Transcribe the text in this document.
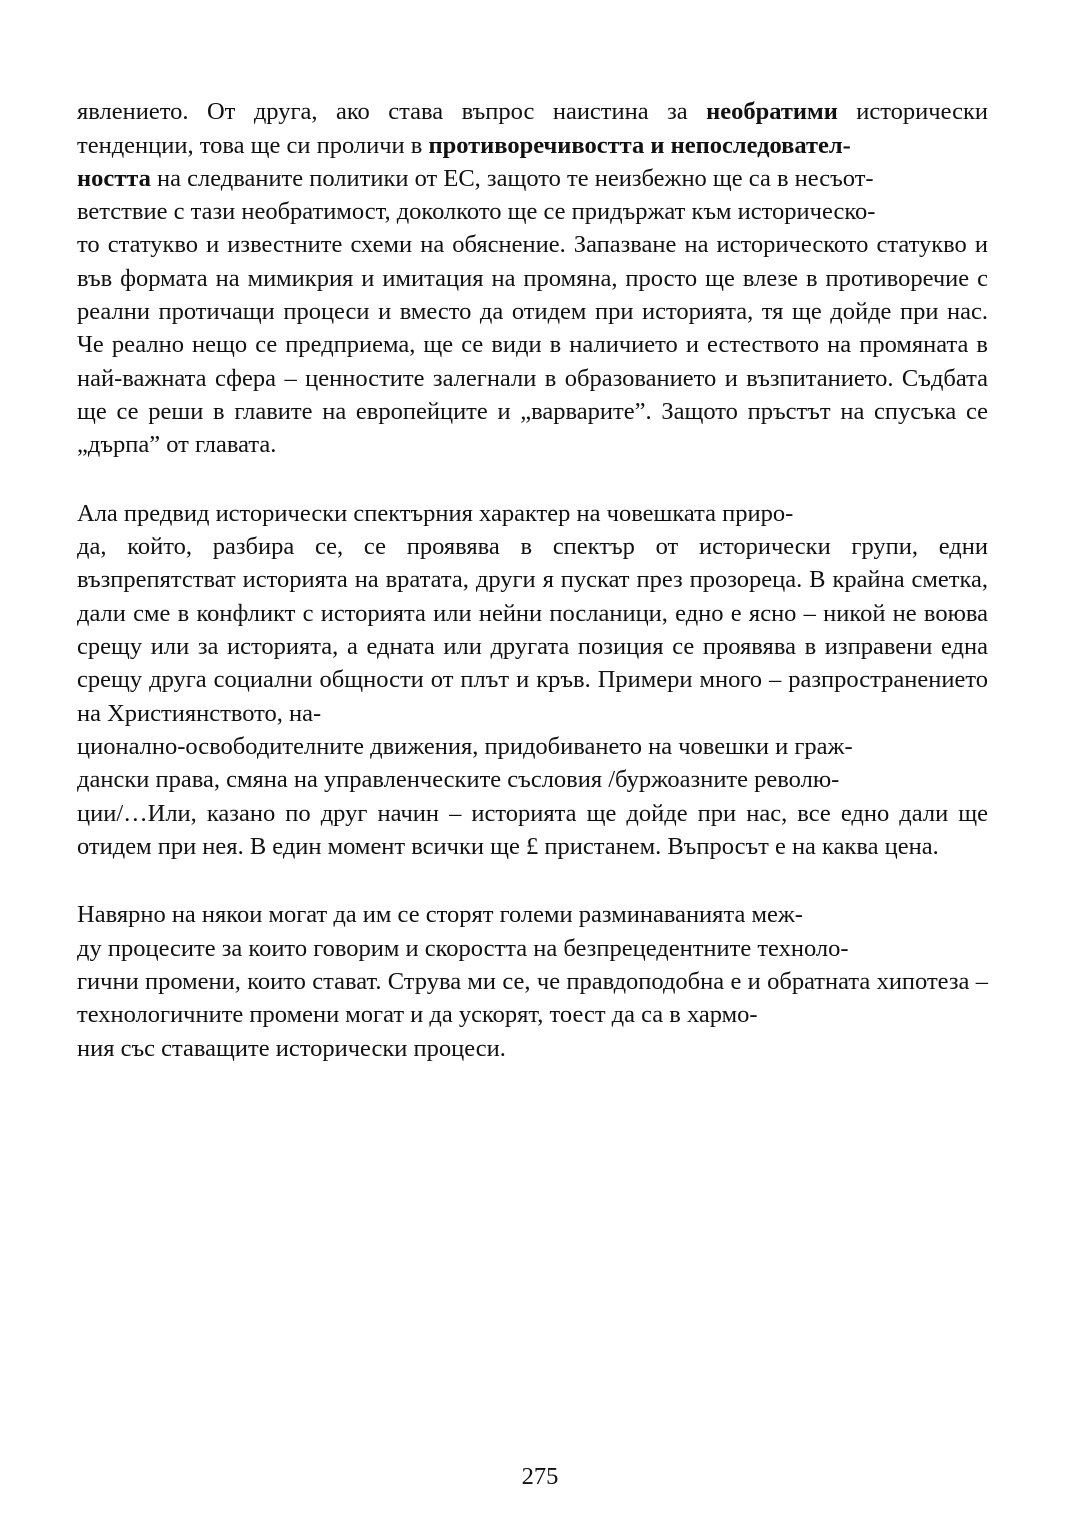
явлението. От друга, ако става въпрос наистина за необратими исторически тенденции, това ще си проличи в противоречивостта и непоследовател-
ността на следваните политики от ЕС, защото те неизбежно ще са в несъот-
ветствие с тази необратимост, доколкото ще се придържат към историческо-
то статукво и известните схеми на обяснение. Запазване на историческото статукво и във формата на мимикрия и имитация на промяна, просто ще влезе в противоречие с реални протичащи процеси и вместо да отидем при историята, тя ще дойде при нас. Че реално нещо се предприема, ще се види в наличието и естеството на промяната в най-важната сфера – ценностите залегнали в образованието и възпитанието. Съдбата ще се реши в главите на европейците и „варварите”. Защото пръстът на спусъка се „дърпа” от главата.

Ала предвид исторически спектърния характер на човешката приро-
да, който, разбира се, се проявява в спектър от исторически групи, едни възпрепятстват историята на вратата, други я пускат през прозореца. В крайна сметка, дали сме в конфликт с историята или нейни посланици, едно е ясно – никой не воюва срещу или за историята, а едната или другата позиция се проявява в изправени една срещу друга социални общности от плът и кръв. Примери много – разпространението на Християнството, на-
ционално-освободителните движения, придобиването на човешки и граж-
дански права, смяна на управленческите съсловия /буржоазните револю-
ции/…Или, казано по друг начин – историята ще дойде при нас, все едно дали ще отидем при нея. В един момент всички ще £ пристанем. Въпросът е на каква цена.

Навярно на някои могат да им се сторят големи разминаванията меж-
ду процесите за които говорим и скоростта на безпрецедентните техноло-
гични промени, които стават. Струва ми се, че правдоподобна е и обратната хипотеза – технологичните промени могат и да ускорят, тоест да са в хармо-
ния със ставащите исторически процеси.

275
